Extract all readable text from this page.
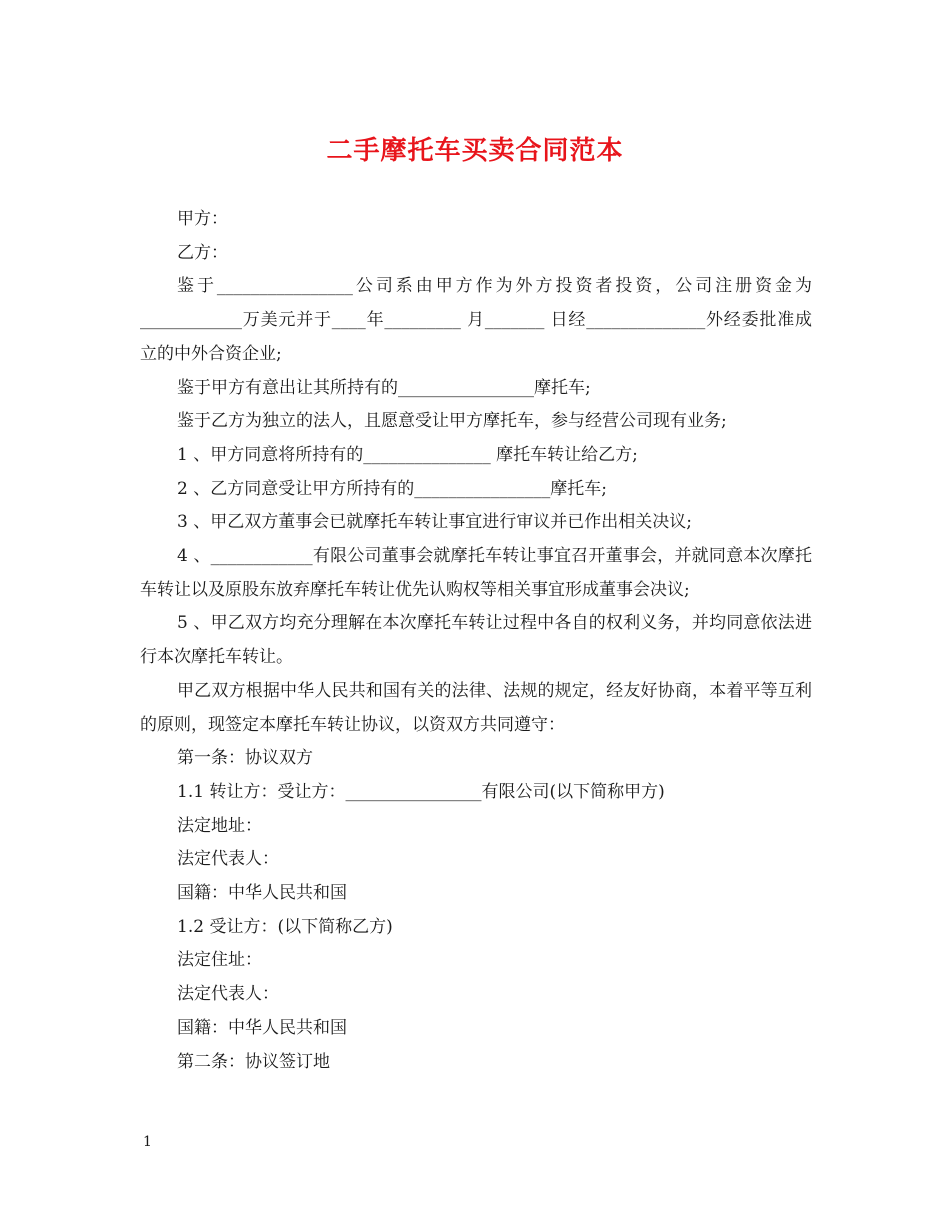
二手摩托车买卖合同范本

甲方：

乙方：

鉴于________________公司系由甲方作为外方投资者投资，公司注册资金为____________万美元并于____年_________ 月_______ 日经______________外经委批准成立的中外合资企业;

鉴于甲方有意出让其所持有的________________摩托车;

鉴于乙方为独立的法人，且愿意受让甲方摩托车，参与经营公司现有业务;

1 、甲方同意将所持有的_______________ 摩托车转让给乙方;

2 、乙方同意受让甲方所持有的________________摩托车;

3 、甲乙双方董事会已就摩托车转让事宜进行审议并已作出相关决议;

4 、____________有限公司董事会就摩托车转让事宜召开董事会，并就同意本次摩托车转让以及原股东放弃摩托车转让优先认购权等相关事宜形成董事会决议;

5 、甲乙双方均充分理解在本次摩托车转让过程中各自的权利义务，并均同意依法进行本次摩托车转让。

甲乙双方根据中华人民共和国有关的法律、法规的规定，经友好协商，本着平等互利的原则，现签定本摩托车转让协议，以资双方共同遵守：

第一条：协议双方

1.1 转让方：受让方：________________有限公司(以下简称甲方)

法定地址：

法定代表人：

国籍：中华人民共和国

1.2 受让方：(以下简称乙方)

法定住址：

法定代表人：

国籍：中华人民共和国

第二条：协议签订地

1
